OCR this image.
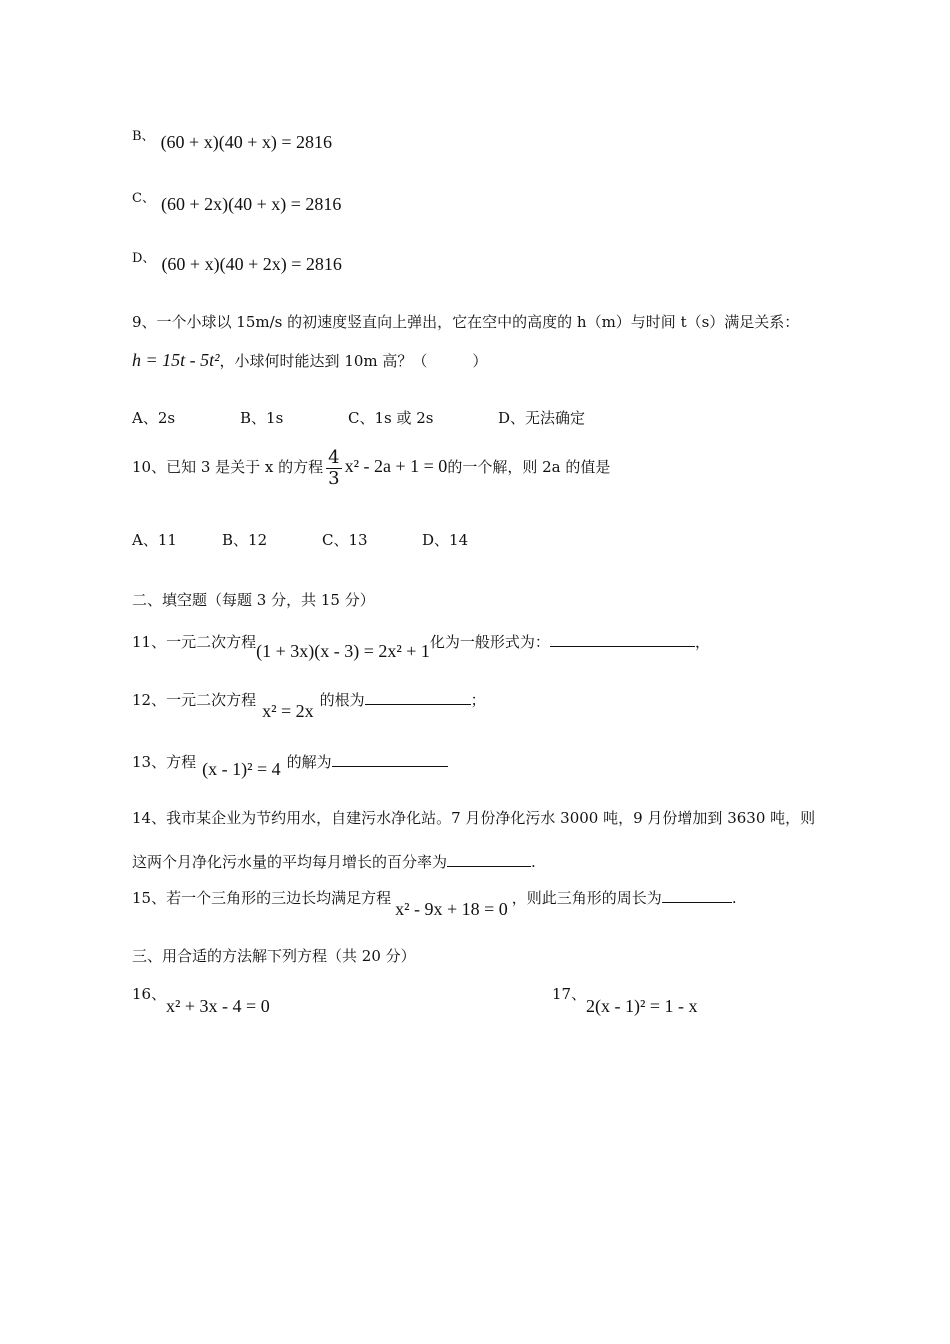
B、 (60 + x)(40 + x) = 2816
C、 (60 + 2x)(40 + x) = 2816
D、 (60 + x)(40 + 2x) = 2816
9、一个小球以 15m/s 的初速度竖直向上弹出，它在空中的高度的 h（m）与时间 t（s）满足关系：
h = 15t - 5t²，小球何时能达到 10m 高？（　　　）
A、2s	B、1s	C、1s 或 2s	D、无法确定
10、已知 3 是关于 x 的方程 $\frac{4}{3} x^2 - 2a + 1 = 0$的一个解，则 2a 的值是
A、11	B、12	C、13	D、14
二、填空题（每题 3 分，共 15 分）
11、一元二次方程(1 + 3x)(x - 3) = 2x² + 1化为一般形式为：	，
12、一元二次方程x² = 2x的根为	；
13、方程 (x - 1)² = 4 的解为
14、我市某企业为节约用水，自建污水净化站。7 月份净化污水 3000 吨，9 月份增加到 3630 吨，则
这两个月净化污水量的平均每月增长的百分率为	.
15、若一个三角形的三边长均满足方程x² - 9x + 18 = 0，则此三角形的周长为	.
三、用合适的方法解下列方程（共 20 分）
16、
x² + 3x - 4 = 0
17、
2(x - 1)² = 1 - x
